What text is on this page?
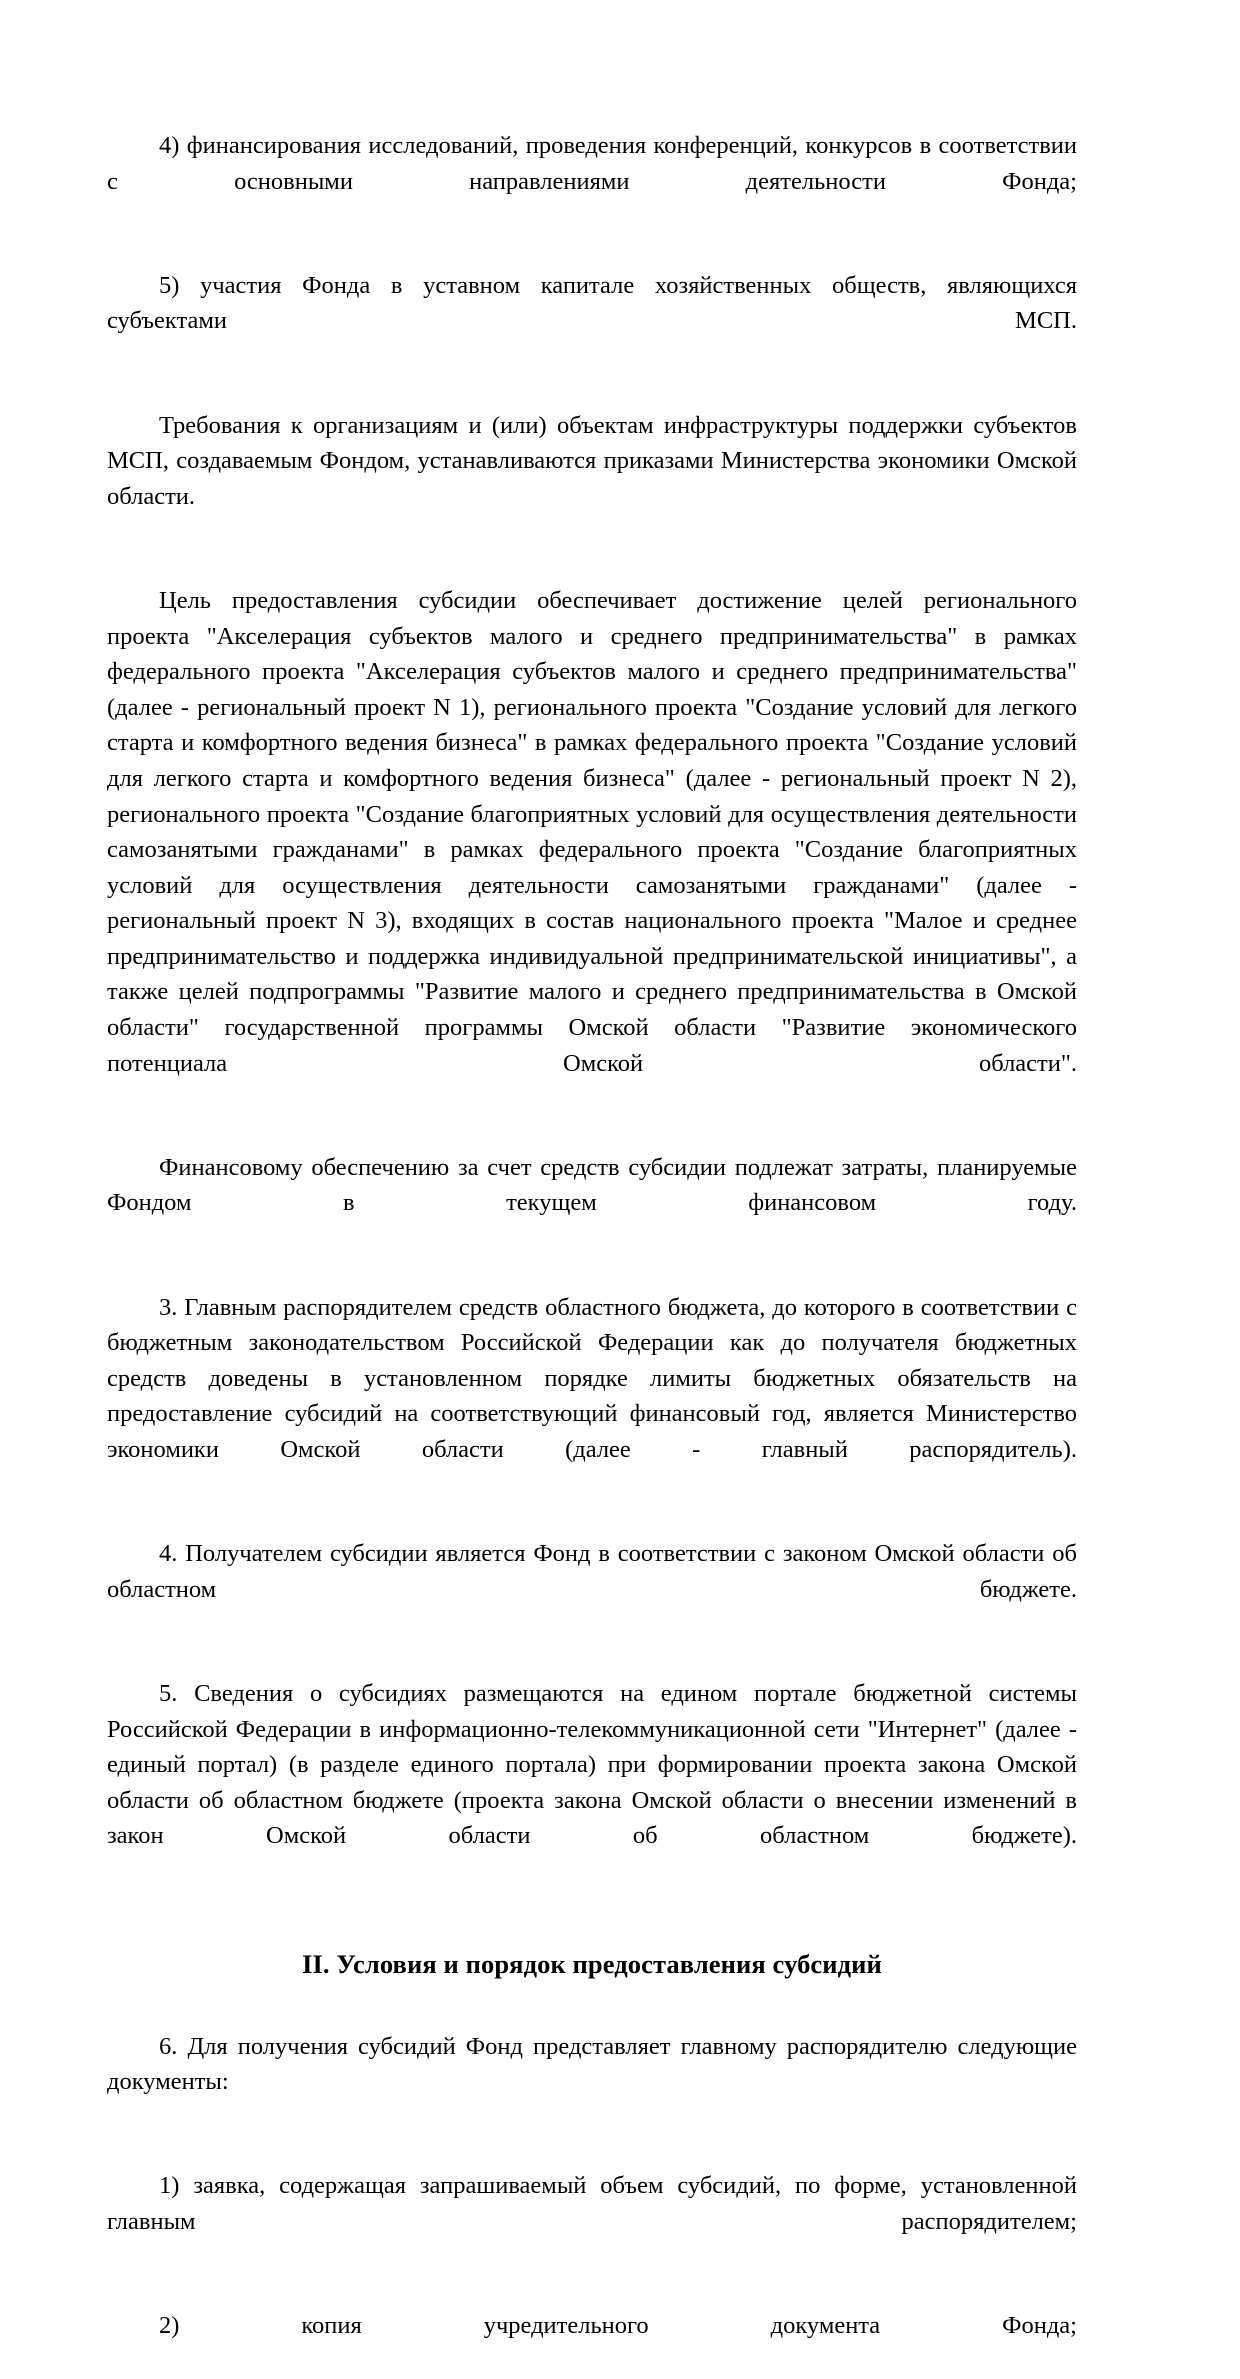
4) финансирования исследований, проведения конференций, конкурсов в соответствии с основными направлениями деятельности Фонда;

5) участия Фонда в уставном капитале хозяйственных обществ, являющихся субъектами МСП.

Требования к организациям и (или) объектам инфраструктуры поддержки субъектов МСП, создаваемым Фондом, устанавливаются приказами Министерства экономики Омской области.

Цель предоставления субсидии обеспечивает достижение целей регионального проекта "Акселерация субъектов малого и среднего предпринимательства" в рамках федерального проекта "Акселерация субъектов малого и среднего предпринимательства" (далее - региональный проект N 1), регионального проекта "Создание условий для легкого старта и комфортного ведения бизнеса" в рамках федерального проекта "Создание условий для легкого старта и комфортного ведения бизнеса" (далее - региональный проект N 2), регионального проекта "Создание благоприятных условий для осуществления деятельности самозанятыми гражданами" в рамках федерального проекта "Создание благоприятных условий для осуществления деятельности самозанятыми гражданами" (далее - региональный проект N 3), входящих в состав национального проекта "Малое и среднее предпринимательство и поддержка индивидуальной предпринимательской инициативы", а также целей подпрограммы "Развитие малого и среднего предпринимательства в Омской области" государственной программы Омской области "Развитие экономического потенциала Омской области".

Финансовому обеспечению за счет средств субсидии подлежат затраты, планируемые Фондом в текущем финансовом году.

3. Главным распорядителем средств областного бюджета, до которого в соответствии с бюджетным законодательством Российской Федерации как до получателя бюджетных средств доведены в установленном порядке лимиты бюджетных обязательств на предоставление субсидий на соответствующий финансовый год, является Министерство экономики Омской области (далее - главный распорядитель).

4. Получателем субсидии является Фонд в соответствии с законом Омской области об областном бюджете.

5. Сведения о субсидиях размещаются на едином портале бюджетной системы Российской Федерации в информационно-телекоммуникационной сети "Интернет" (далее - единый портал) (в разделе единого портала) при формировании проекта закона Омской области об областном бюджете (проекта закона Омской области о внесении изменений в закон Омской области об областном бюджете).

II. Условия и порядок предоставления субсидий

6. Для получения субсидий Фонд представляет главному распорядителю следующие документы:

1) заявка, содержащая запрашиваемый объем субсидий, по форме, установленной главным распорядителем;

2) копия учредительного документа Фонда;
